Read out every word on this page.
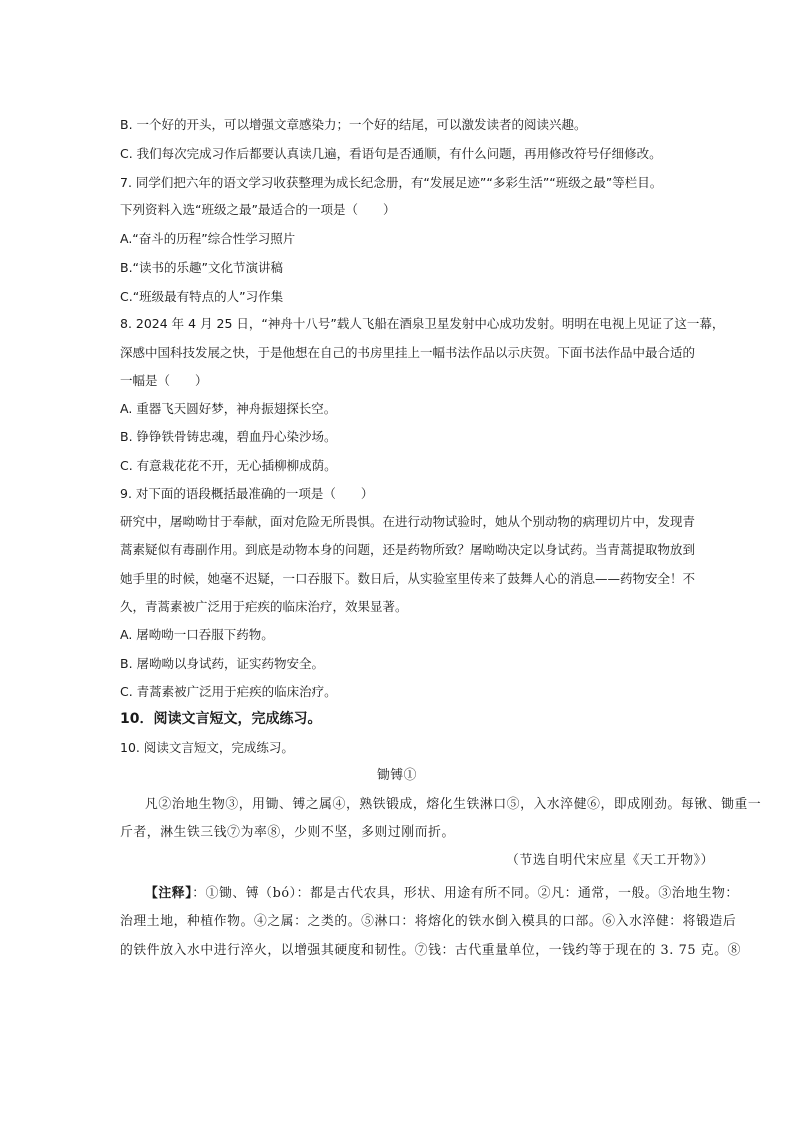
B. 一个好的开头，可以增强文章感染力；一个好的结尾，可以激发读者的阅读兴趣。
C. 我们每次完成习作后都要认真读几遍，看语句是否通顺，有什么问题，再用修改符号仔细修改。
7. 同学们把六年的语文学习收获整理为成长纪念册，有“发展足迹”“多彩生活”“班级之最”等栏目。
下列资料入选“班级之最”最适合的一项是（　　）
A.“奋斗的历程”综合性学习照片
B.“读书的乐趣”文化节演讲稿
C.“班级最有特点的人”习作集
8. 2024 年 4 月 25 日，“神舟十八号”载人飞船在酒泉卫星发射中心成功发射。明明在电视上见证了这一幕，
深感中国科技发展之快，于是他想在自己的书房里挂上一幅书法作品以示庆贺。下面书法作品中最合适的
一幅是（　　）
A. 重器飞天圆好梦，神舟振翅探长空。
B. 铮铮铁骨铸忠魂，碧血丹心染沙场。
C. 有意栽花花不开，无心插柳柳成荫。
9. 对下面的语段概括最准确的一项是（　　）
研究中，屠呦呦甘于奉献，面对危险无所畏惧。在进行动物试验时，她从个别动物的病理切片中，发现青
蒿素疑似有毒副作用。到底是动物本身的问题，还是药物所致？屠呦呦决定以身试药。当青蒿提取物放到
她手里的时候，她毫不迟疑，一口吞服下。数日后，从实验室里传来了鼓舞人心的消息——药物安全！不
久，青蒿素被广泛用于疟疾的临床治疗，效果显著。
A. 屠呦呦一口吞服下药物。
B. 屠呦呦以身试药，证实药物安全。
C. 青蒿素被广泛用于疟疾的临床治疗。
10．阅读文言短文，完成练习。
10. 阅读文言短文，完成练习。
锄镈①
凡②治地生物③，用锄、镈之属④，熟铁锻成，熔化生铁淋口⑤，入水淬健⑥，即成刚劲。每锹、锄重一
斤者，淋生铁三钱⑦为率⑧，少则不坚，多则过刚而折。
（节选自明代宋应星《天工开物》）
【注释】：①锄、镈（bó）：都是古代农具，形状、用途有所不同。②凡：通常，一般。③治地生物：
治理土地，种植作物。④之属：之类的。⑤淋口：将熔化的铁水倒入模具的口部。⑥入水淬健：将锻造后
的铁件放入水中进行淬火，以增强其硬度和韧性。⑦钱：古代重量单位，一钱约等于现在的 3. 75 克。⑧
